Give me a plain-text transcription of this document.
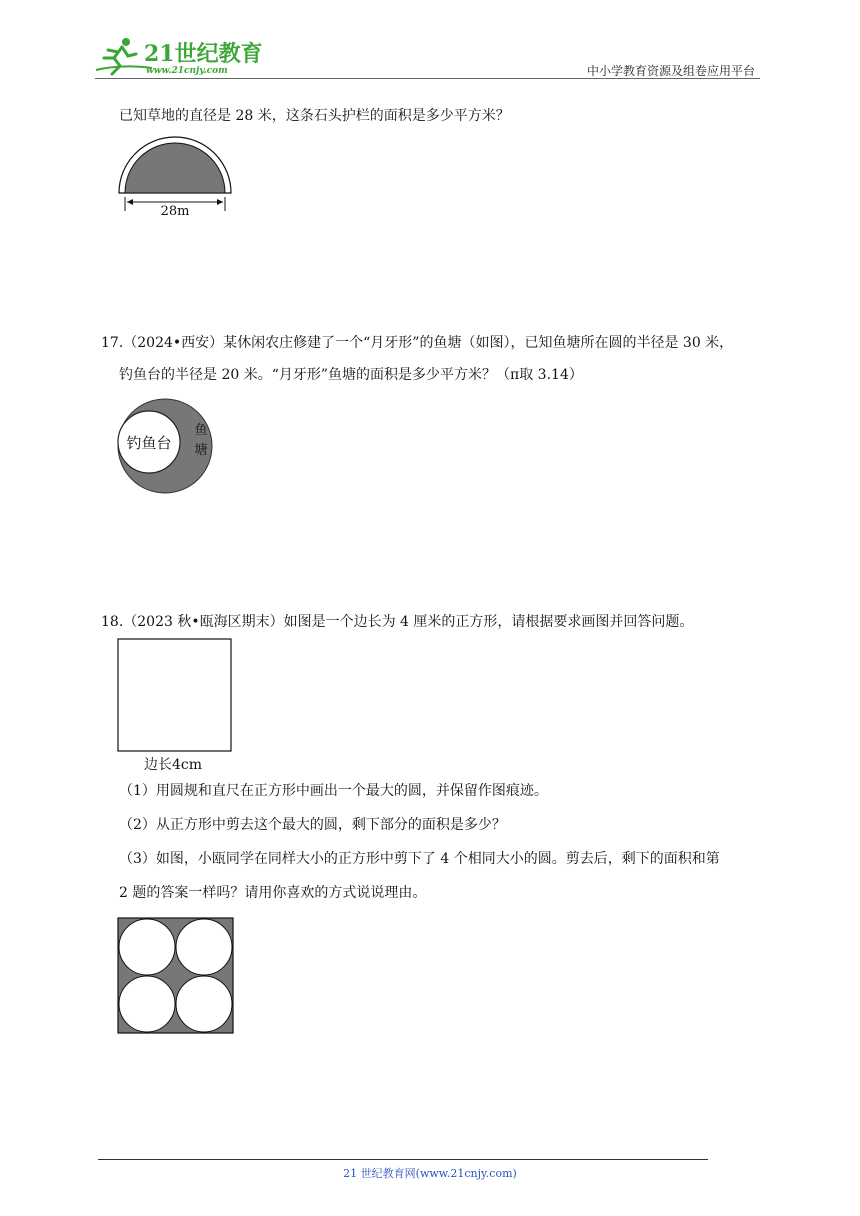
21世纪教育
www.21cnjy.com	中小学教育资源及组卷应用平台
已知草地的直径是 28 米，这条石头护栏的面积是多少平方米？
28m
17.（2024•西安）某休闲农庄修建了一个“月牙形”的鱼塘（如图），已知鱼塘所在圆的半径是 30 米，
钓鱼台的半径是 20 米。“月牙形”鱼塘的面积是多少平方米？（π取 3.14）
钓鱼台
鱼
塘
18.（2023 秋•瓯海区期末）如图是一个边长为 4 厘米的正方形，请根据要求画图并回答问题。
边长4cm
（1）用圆规和直尺在正方形中画出一个最大的圆，并保留作图痕迹。
（2）从正方形中剪去这个最大的圆，剩下部分的面积是多少？
（3）如图，小瓯同学在同样大小的正方形中剪下了 4 个相同大小的圆。剪去后，剩下的面积和第
2 题的答案一样吗？请用你喜欢的方式说说理由。
21 世纪教育网(www.21cnjy.com)
